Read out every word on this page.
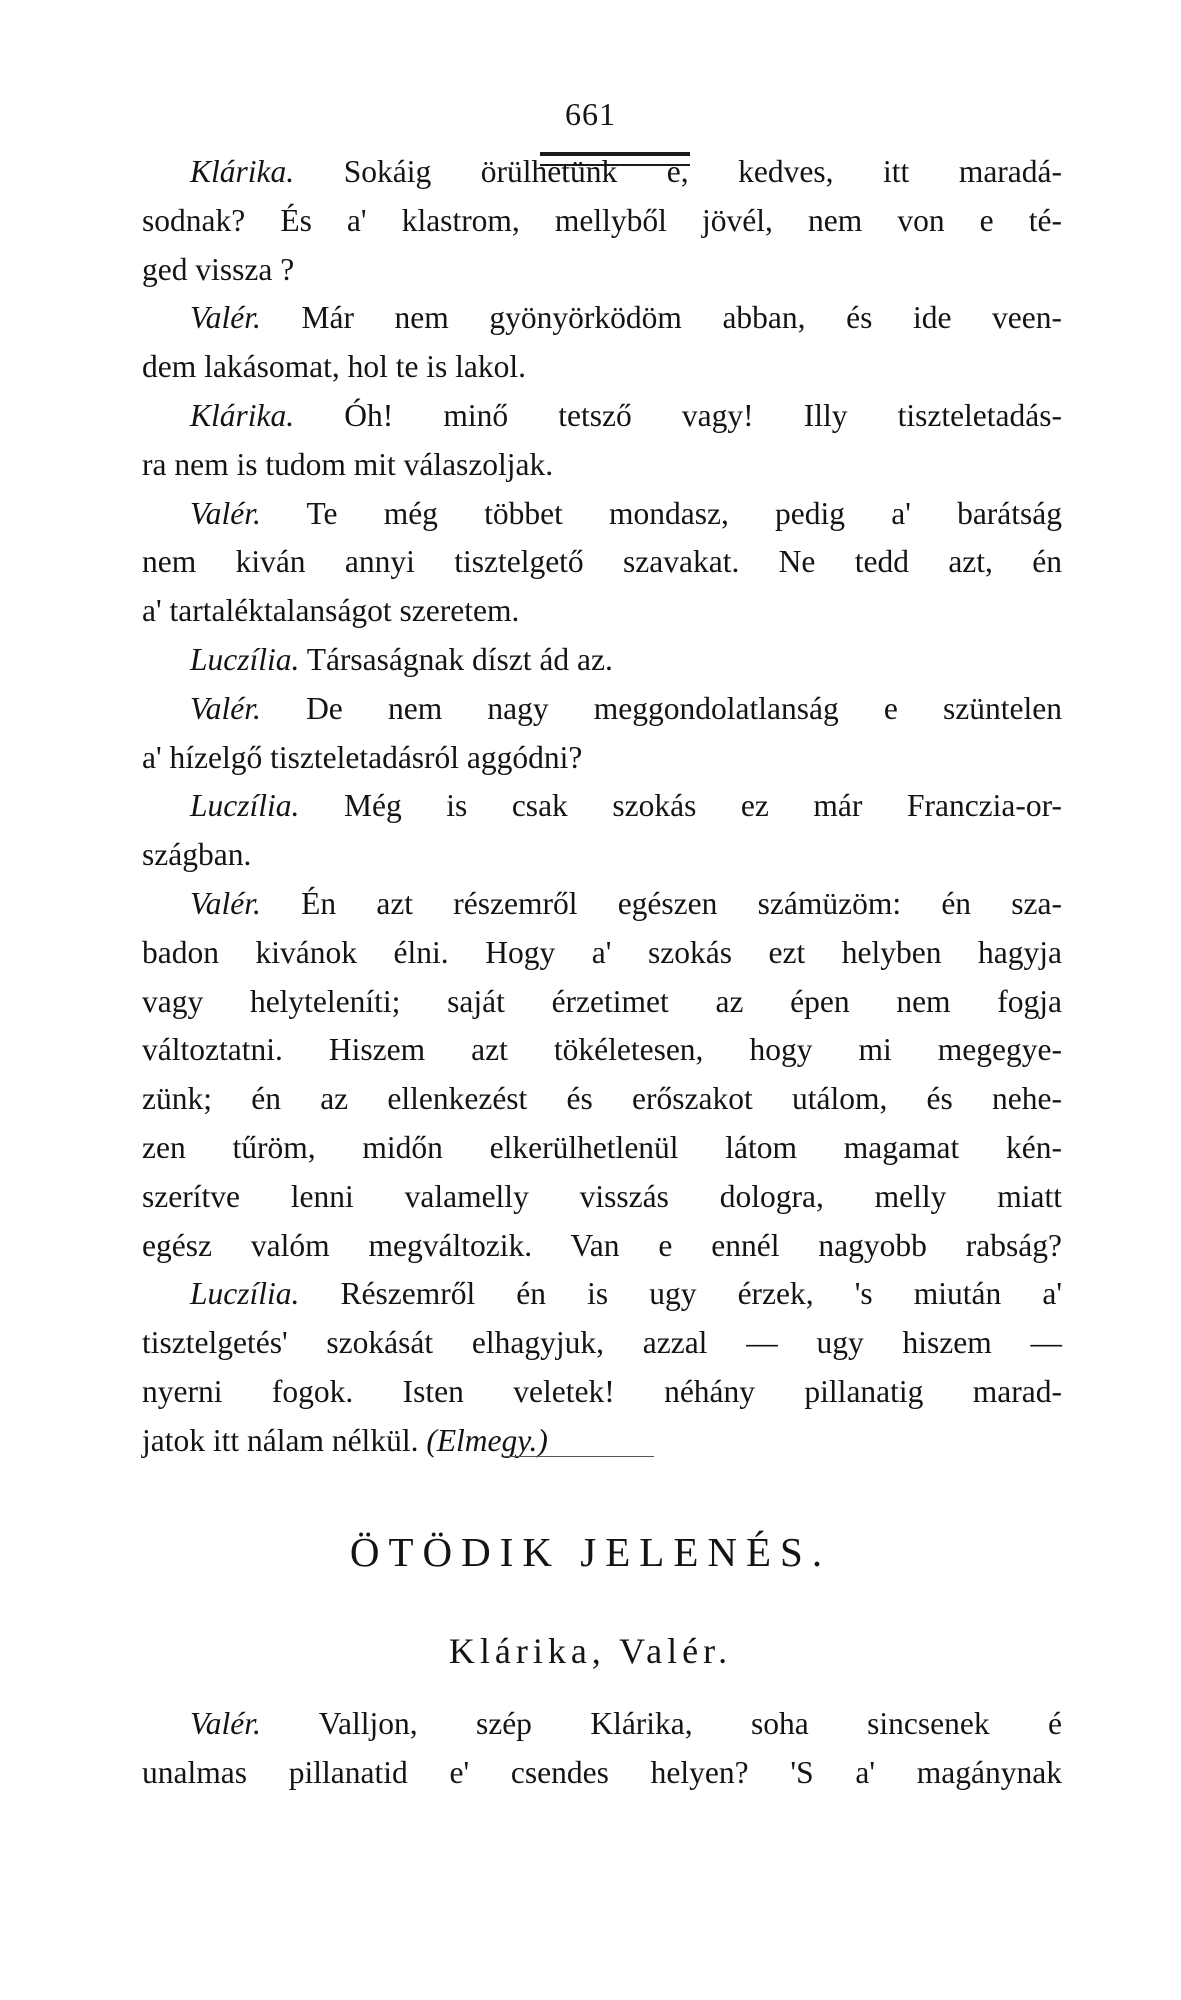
661
Klárika. Sokáig örülhetünk e, kedves, itt maradá-
sodnak? És a' klastrom, mellyből jövél, nem von e té-
ged vissza ?
Valér. Már nem gyönyörködöm abban, és ide veen-
dem lakásomat, hol te is lakol.
Klárika. Óh! minő tetsző vagy! Illy tiszteletadás-
ra nem is tudom mit válaszoljak.
Valér. Te még többet mondasz, pedig a' barátság
nem kiván annyi tisztelgető szavakat. Ne tedd azt, én
a' tartaléktalanságot szeretem.
Luczília. Társaságnak díszt ád az.
Valér. De nem nagy meggondolatlanság e szüntelen
a' hízelgő tiszteletadásról aggódni?
Luczília. Még is csak szokás ez már Franczia-or-
szágban.
Valér. Én azt részemről egészen számüzöm: én sza-
badon kivánok élni. Hogy a' szokás ezt helyben hagyja
vagy helyteleníti; saját érzetimet az épen nem fogja
változtatni. Hiszem azt tökéletesen, hogy mi megegye-
zünk; én az ellenkezést és erőszakot utálom, és nehe-
zen tűröm, midőn elkerülhetlenül látom magamat kén-
szerítve lenni valamelly visszás dologra, melly miatt
egész valóm megváltozik. Van e ennél nagyobb rabság?
Luczília. Részemről én is ugy érzek, 's miután a'
tisztelgetés' szokását elhagyjuk, azzal — ugy hiszem —
nyerni fogok. Isten veletek! néhány pillanatig marad-
jatok itt nálam nélkül. (Elmegy.)
ÖTÖDIK JELENÉS.
Klárika, Valér.
Valér. Valljon, szép Klárika, soha sincsenek é
unalmas pillanatid e' csendes helyen? 'S a' magánynak
